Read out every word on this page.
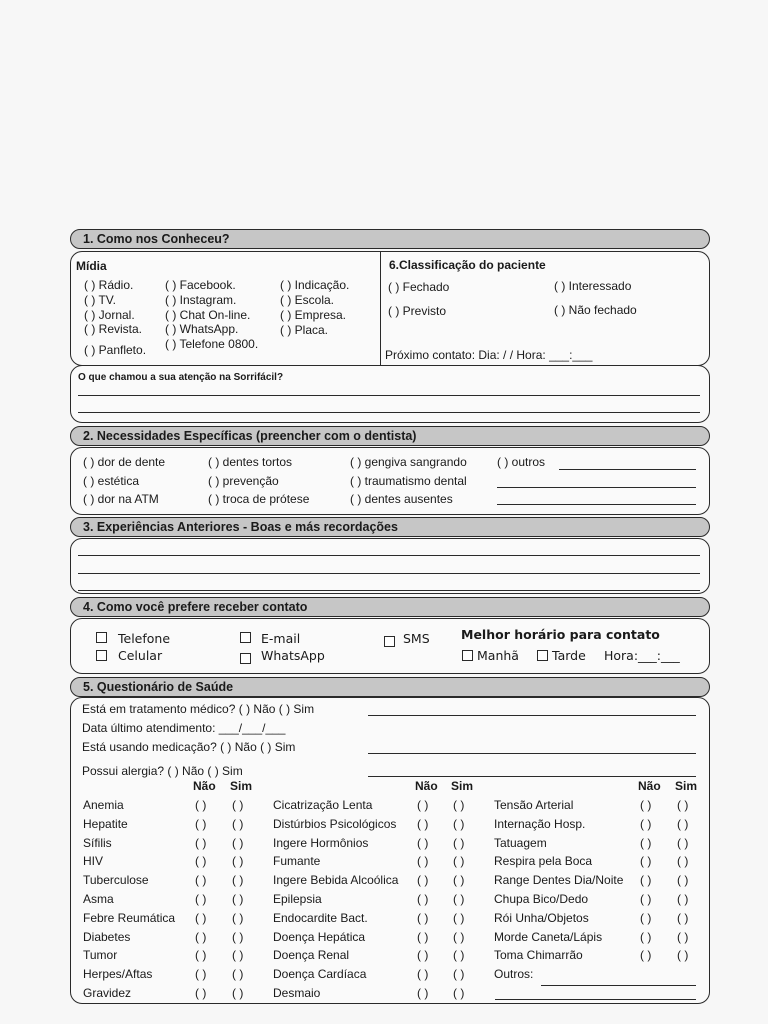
1. Como nos Conheceu?
Mídia
( ) Rádio.
( ) TV.
( ) Jornal.
( ) Revista.
( ) Panfleto.
( ) Facebook.
( ) Instagram.
( ) Chat On-line.
( ) WhatsApp.
( ) Telefone 0800.
( ) Indicação.
( ) Escola.
( ) Empresa.
( ) Placa.
6.Classificação do paciente
( ) Fechado	( ) Interessado
( ) Previsto	( ) Não fechado
Próximo contato: Dia: / / Hora: ___:___
O que chamou a sua atenção na Sorrifácil?
2. Necessidades Específicas (preencher com o dentista)
( ) dor de dente
( ) estética
( ) dor na ATM
( ) dentes tortos
( ) prevenção
( ) troca de prótese
( ) gengiva sangrando
( ) traumatismo dental
( ) dentes ausentes
( ) outros
3. Experiências Anteriores - Boas e más recordações
4. Como você prefere receber contato
Telefone
Celular
E-mail
WhatsApp
SMS	Melhor horário para contato
Manhã	Tarde Hora:___:___
5. Questionário de Saúde
Está em tratamento médico? ( ) Não ( ) Sim
Data último atendimento: ___/___/___
Está usando medicação? ( ) Não ( ) Sim
Possui alergia? ( ) Não ( ) Sim
Não Sim	Não Sim	Não Sim
Anemia	( ) ( )
Hepatite	( ) ( )
Sífilis	( ) ( )
HIV	( ) ( )
Tuberculose	( ) ( )
Asma	( ) ( )
Febre Reumática ( ) ( )
Diabetes	( ) ( )
Tumor	( ) ( )
Herpes/Aftas	( ) ( )
Gravidez	( ) ( )
Cicatrização Lenta	( ) ( )
Distúrbios Psicológicos ( ) ( )
Ingere Hormônios	( ) ( )
Fumante	( ) ( )
Ingere Bebida Alcoólica ( ) ( )
Epilepsia	( ) ( )
Endocardite Bact.	( ) ( )
Doença Hepática	( ) ( )
Doença Renal	( ) ( )
Doença Cardíaca	( ) ( )
Desmaio	( ) ( )
Tensão Arterial	( ) ( )
Internação Hosp.	( ) ( )
Tatuagem	( ) ( )
Respira pela Boca	( ) ( )
Range Dentes Dia/Noite ( ) ( )
Chupa Bico/Dedo	( ) ( )
Rói Unha/Objetos	( ) ( )
Morde Caneta/Lápis	( ) ( )
Toma Chimarrão	( ) ( )
Outros:
